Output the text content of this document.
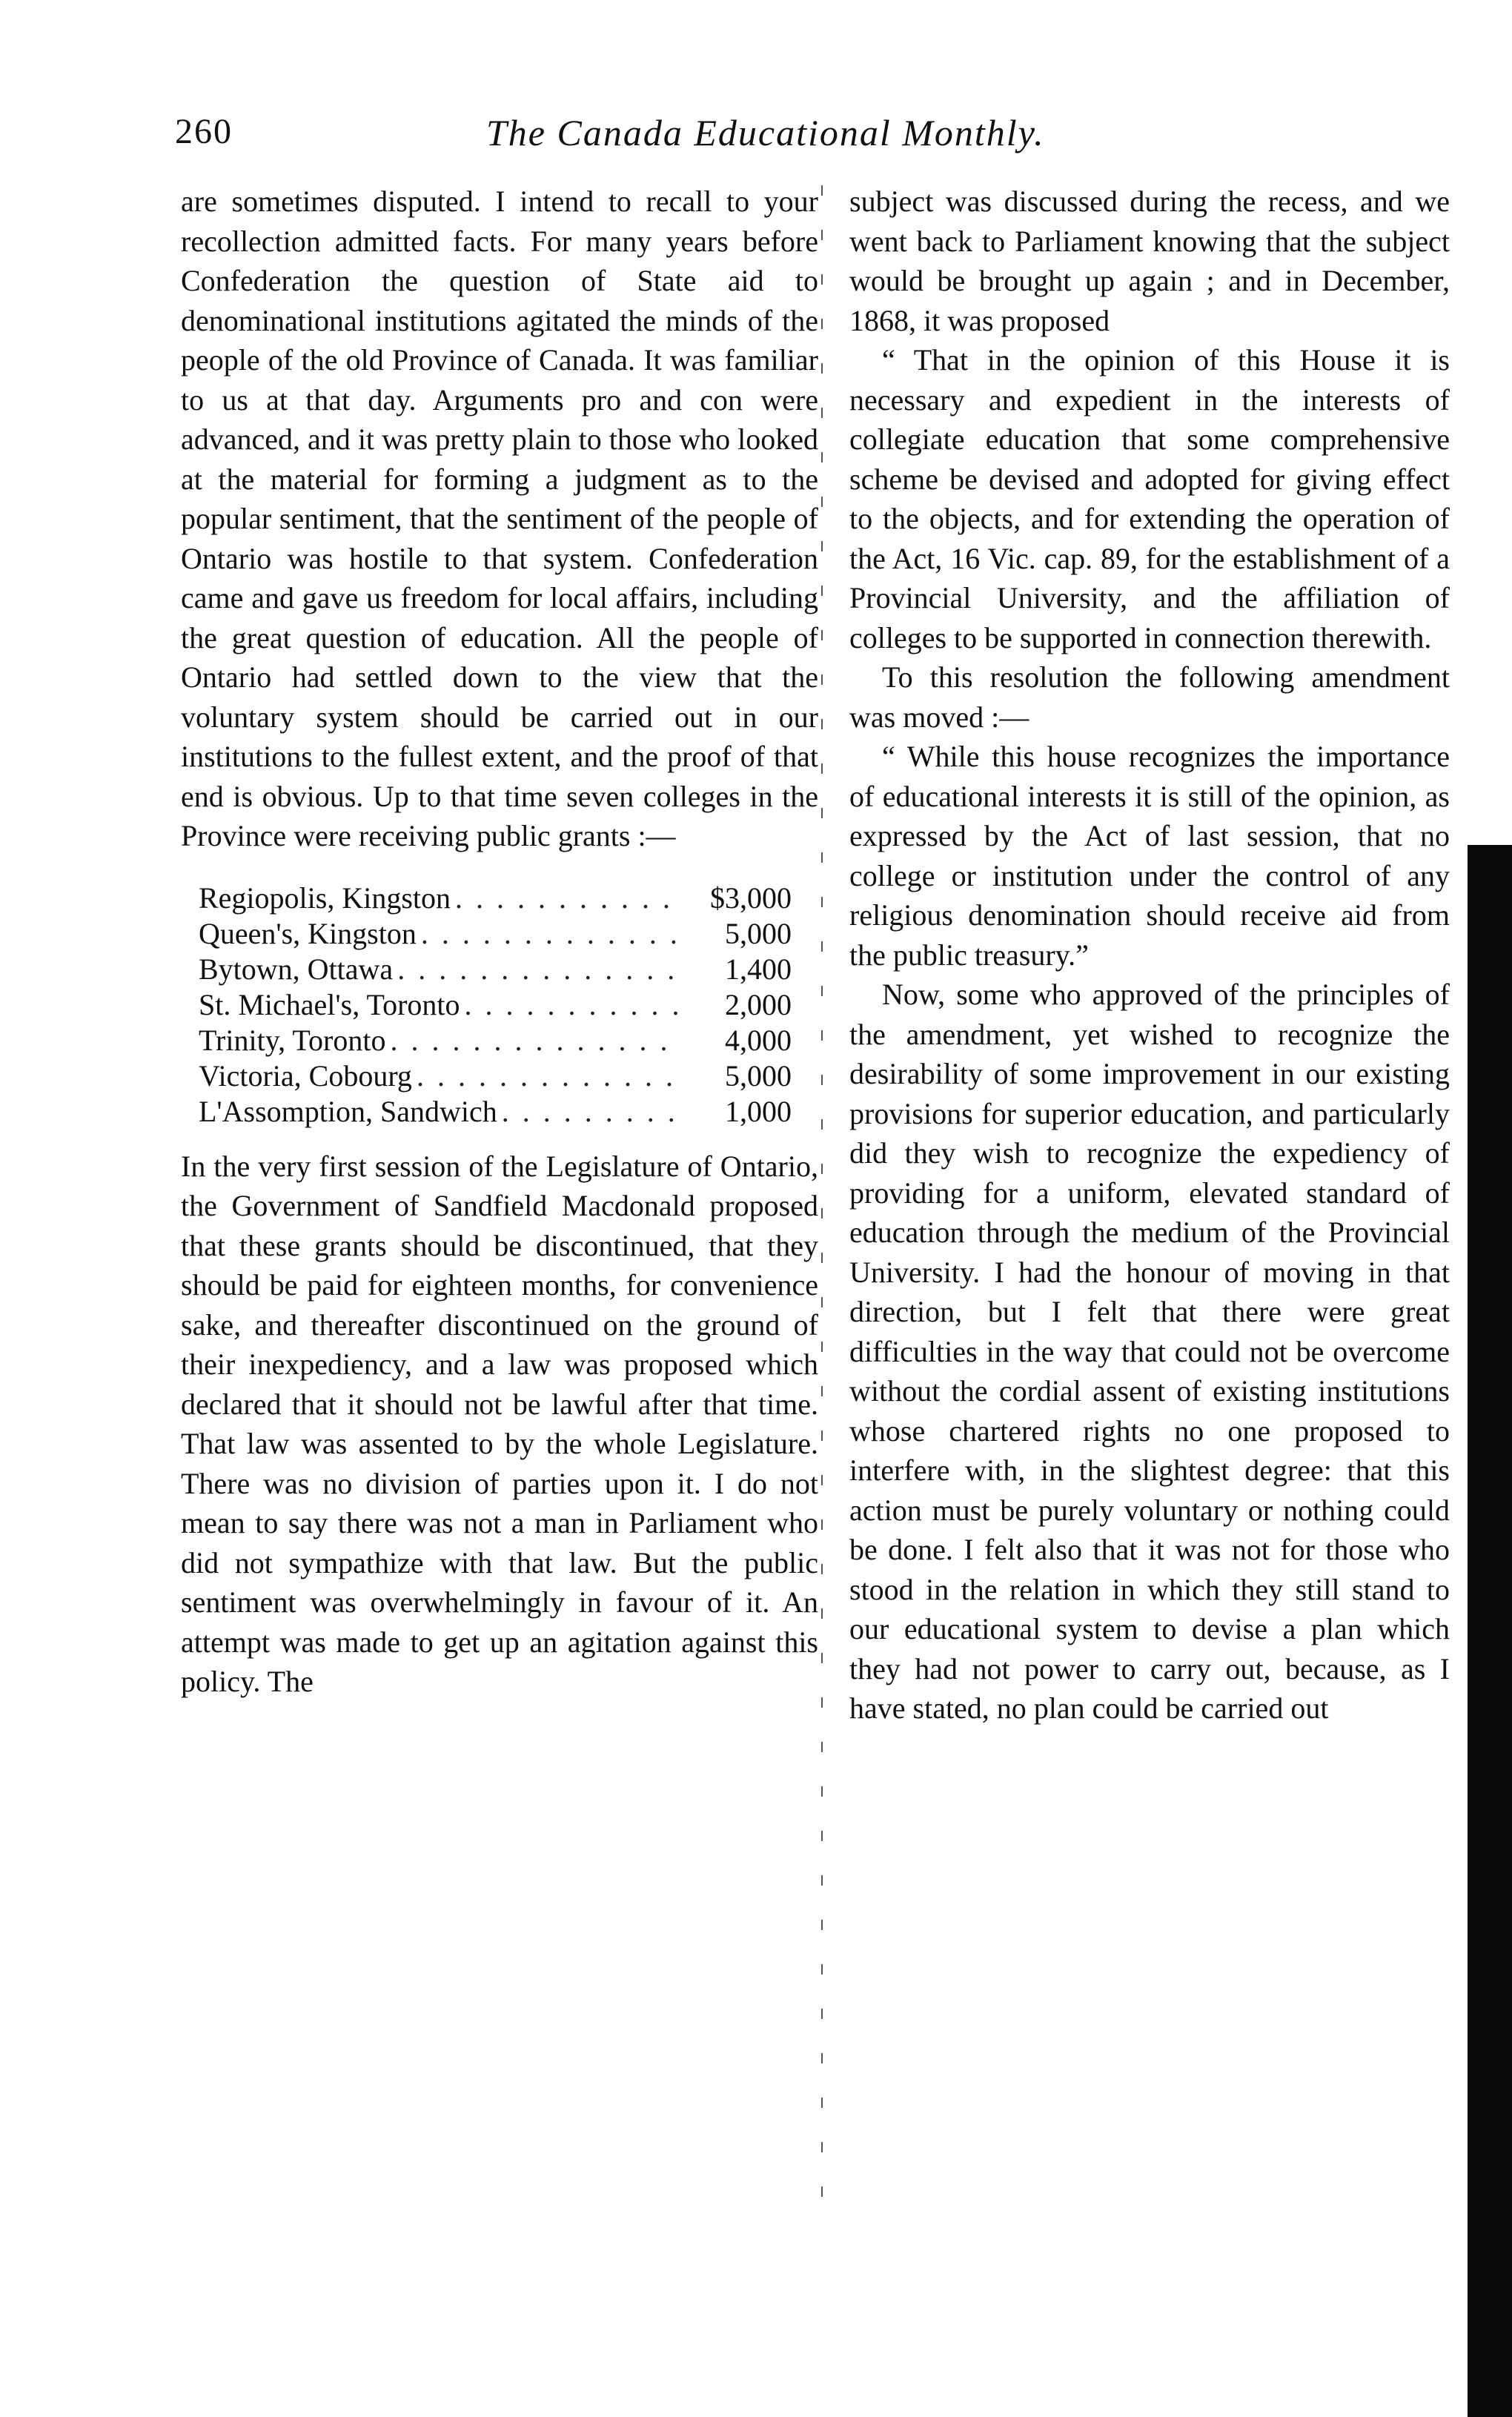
260	The Canada Educational Monthly.

are sometimes disputed. I intend to recall to your recollection admitted facts. For many years before Confederation the question of State aid to denominational institutions agitated the minds of the people of the old Province of Canada. It was familiar to us at that day. Arguments pro and con were advanced, and it was pretty plain to those who looked at the material for forming a judgment as to the popular sentiment, that the sentiment of the people of Ontario was hostile to that system. Confederation came and gave us freedom for local affairs, including the great question of education. All the people of Ontario had settled down to the view that the voluntary system should be carried out in our institutions to the fullest extent, and the proof of that end is obvious. Up to that time seven colleges in the Province were receiving public grants :—

Regiopolis, Kingston . . .	$3,000
Queen's, Kingston . . .	5,000
Bytown, Ottawa . . .	1,400
St. Michael's, Toronto . . .	2,000
Trinity, Toronto . . .	4,000
Victoria, Cobourg . . .	5,000
L'Assomption, Sandwich . . .	1,000

In the very first session of the Legislature of Ontario, the Government of Sandfield Macdonald proposed that these grants should be discontinued, that they should be paid for eighteen months, for convenience sake, and thereafter discontinued on the ground of their inexpediency, and a law was proposed which declared that it should not be lawful after that time. That law was assented to by the whole Legislature. There was no division of parties upon it. I do not mean to say there was not a man in Parliament who did not sympathize with that law. But the public sentiment was overwhelmingly in favour of it. An attempt was made to get up an agitation against this policy. The

subject was discussed during the recess, and we went back to Parliament knowing that the subject would be brought up again ; and in December, 1868, it was proposed

“ That in the opinion of this House it is necessary and expedient in the interests of collegiate education that some comprehensive scheme be devised and adopted for giving effect to the objects, and for extending the operation of the Act, 16 Vic. cap. 89, for the establishment of a Provincial University, and the affiliation of colleges to be supported in connection therewith.

To this resolution the following amendment was moved :—

“ While this house recognizes the importance of educational interests it is still of the opinion, as expressed by the Act of last session, that no college or institution under the control of any religious denomination should receive aid from the public treasury.”

Now, some who approved of the principles of the amendment, yet wished to recognize the desirability of some improvement in our existing provisions for superior education, and particularly did they wish to recognize the expediency of providing for a uniform, elevated standard of education through the medium of the Provincial University. I had the honour of moving in that direction, but I felt that there were great difficulties in the way that could not be overcome without the cordial assent of existing institutions whose chartered rights no one proposed to interfere with, in the slightest degree: that this action must be purely voluntary or nothing could be done. I felt also that it was not for those who stood in the relation in which they still stand to our educational system to devise a plan which they had not power to carry out, because, as I have stated, no plan could be carried out
